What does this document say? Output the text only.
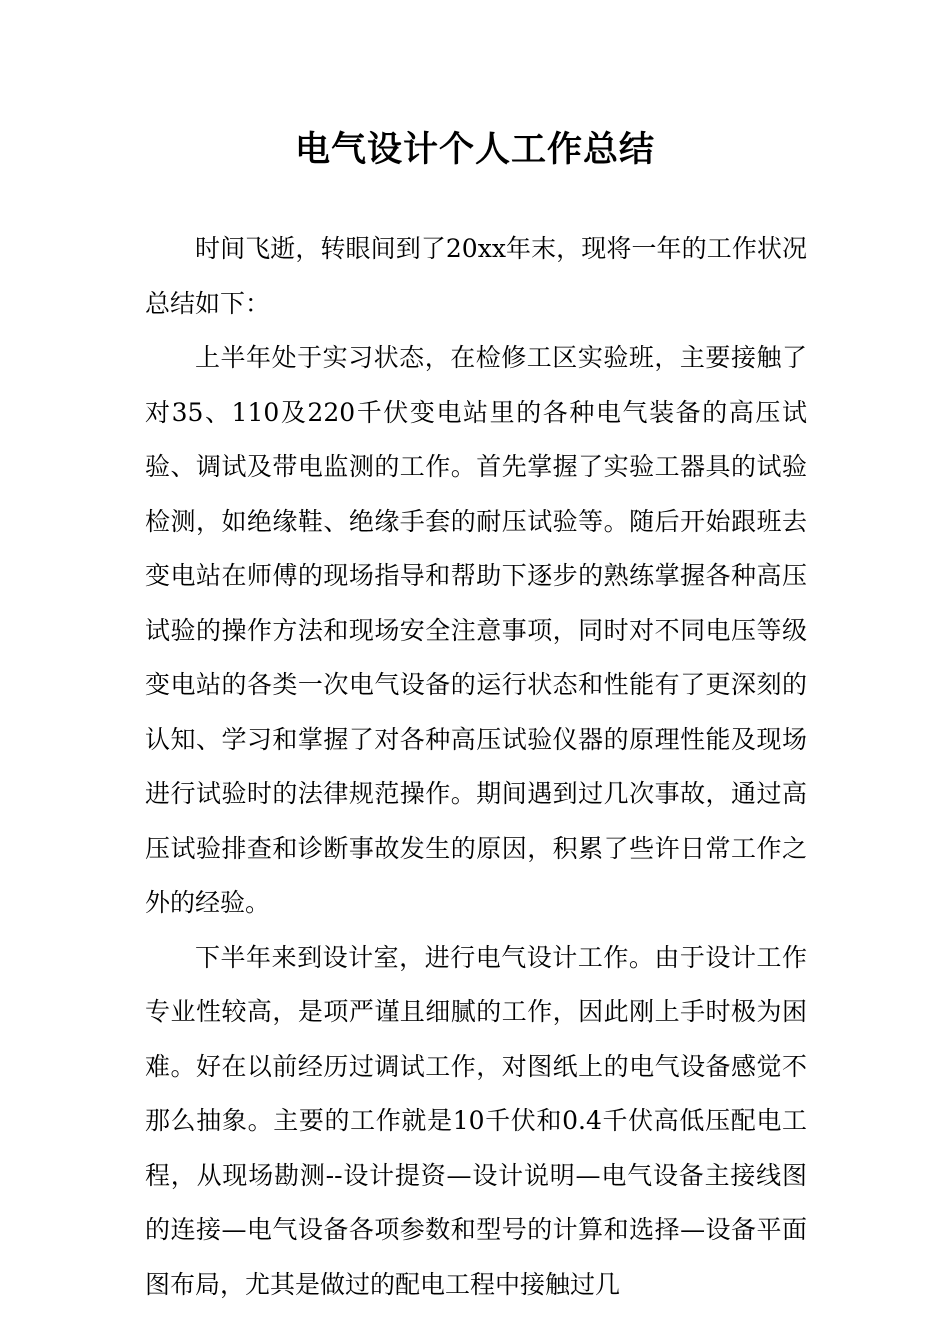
电气设计个人工作总结

时间飞逝，转眼间到了20xx年末，现将一年的工作状况总结如下：

上半年处于实习状态，在检修工区实验班，主要接触了对35、110及220千伏变电站里的各种电气装备的高压试验、调试及带电监测的工作。首先掌握了实验工器具的试验检测，如绝缘鞋、绝缘手套的耐压试验等。随后开始跟班去变电站在师傅的现场指导和帮助下逐步的熟练掌握各种高压试验的操作方法和现场安全注意事项，同时对不同电压等级变电站的各类一次电气设备的运行状态和性能有了更深刻的认知、学习和掌握了对各种高压试验仪器的原理性能及现场进行试验时的法律规范操作。期间遇到过几次事故，通过高压试验排查和诊断事故发生的原因，积累了些许日常工作之外的经验。

下半年来到设计室，进行电气设计工作。由于设计工作专业性较高，是项严谨且细腻的工作，因此刚上手时极为困难。好在以前经历过调试工作，对图纸上的电气设备感觉不那么抽象。主要的工作就是10千伏和0.4千伏高低压配电工程，从现场勘测--设计提资—设计说明—电气设备主接线图的连接—电气设备各项参数和型号的计算和选择—设备平面图布局，尤其是做过的配电工程中接触过几
